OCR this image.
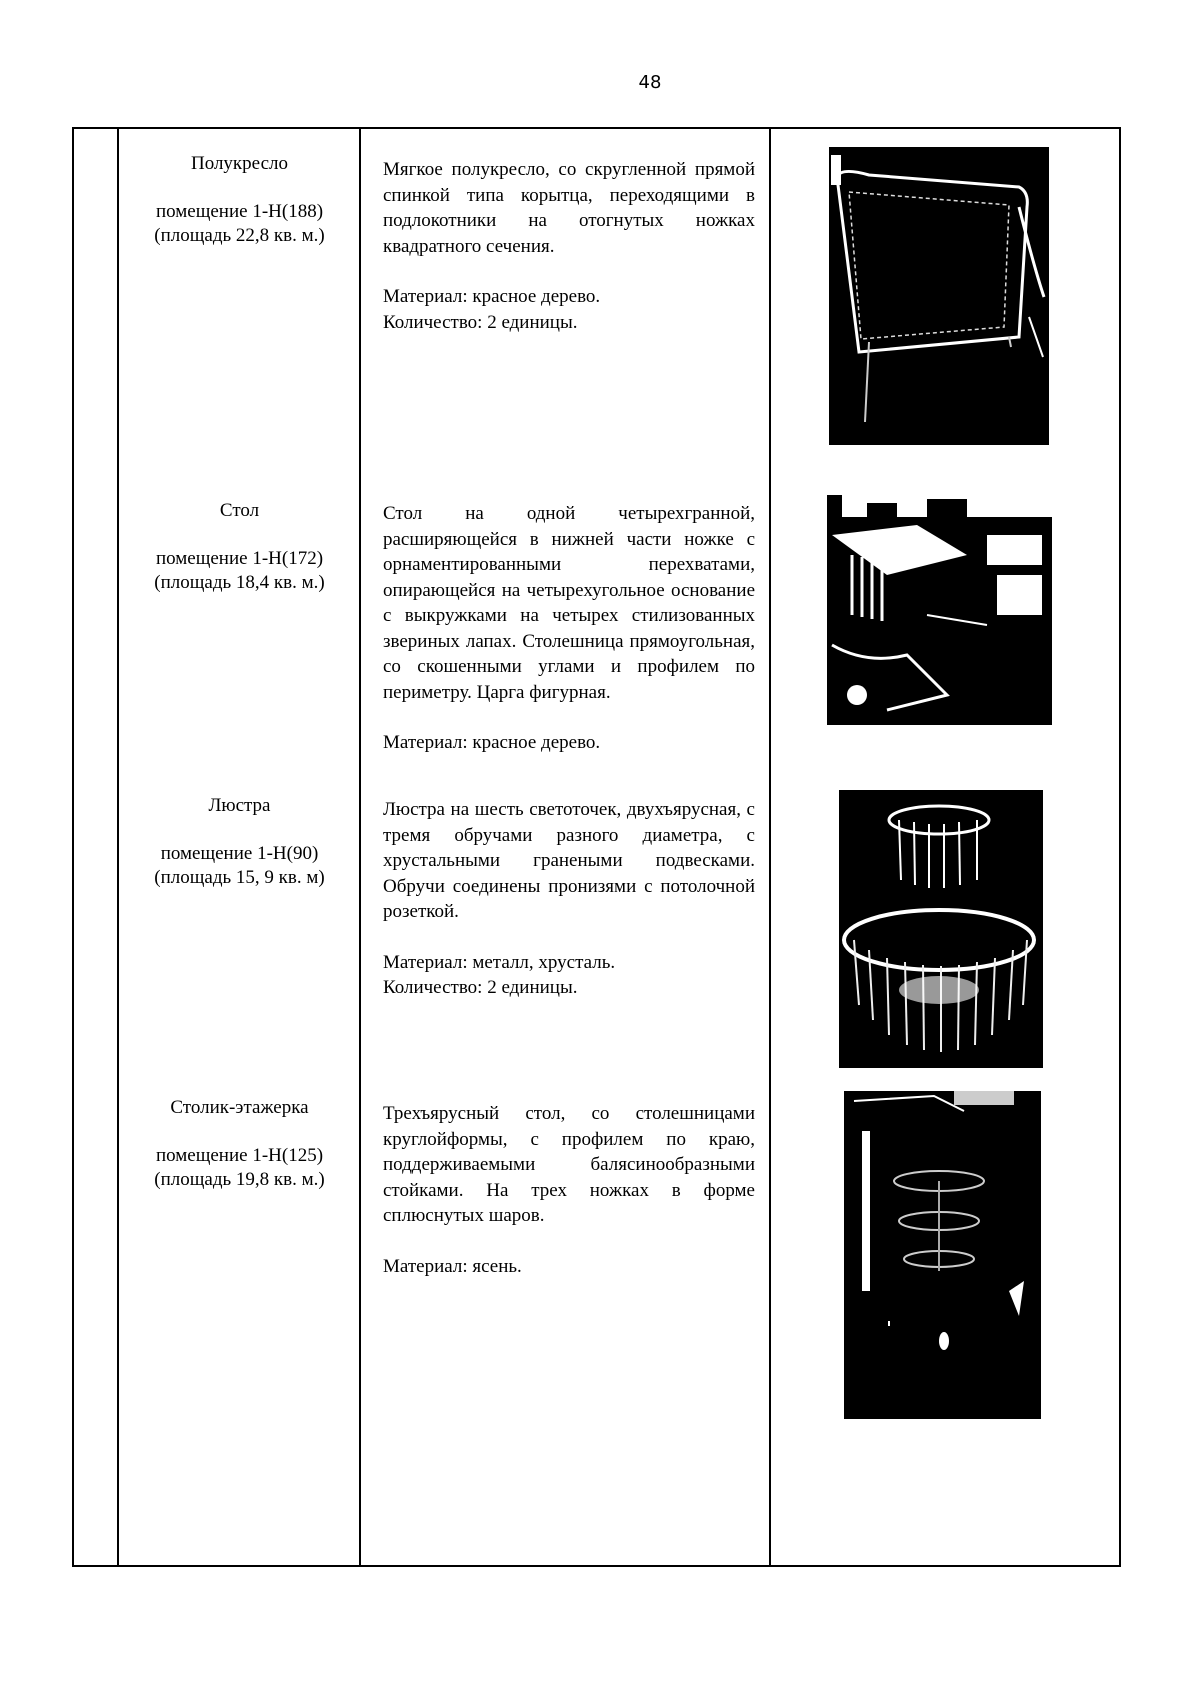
48
Полукресло
помещение 1-Н(188)
(площадь 22,8 кв. м.)

Мягкое полукресло, со скругленной прямой спинкой типа корытца, переходящими в подлокотники на отогнутых ножках квадратного сечения.

Материал: красное дерево.

Количество: 2 единицы.

Стол
помещение 1-Н(172)
(площадь 18,4 кв. м.)

Стол на одной четырехгранной, расширяющейся в нижней части ножке с орнаментированными перехватами, опирающейся на четырехугольное основание с выкружками на четырех стилизованных звериных лапах. Столешница прямоугольная, со скошенными углами и профилем по периметру. Царга фигурная.

Материал: красное дерево.

Люстра
помещение 1-Н(90)
(площадь 15, 9 кв. м)

Люстра на шесть светоточек, двухъярусная, с тремя обручами разного диаметра, с хрустальными гранеными подвесками. Обручи соединены пронизями с потолочной розеткой.

Материал: металл, хрусталь.

Количество: 2 единицы.

Столик-этажерка
помещение 1-Н(125)
(площадь 19,8 кв. м.)

Трехъярусный стол, со столешницами круглойформы, с профилем по краю, поддерживаемыми балясинообразными стойками. На трех ножках в форме сплюснутых шаров.

Материал: ясень.
